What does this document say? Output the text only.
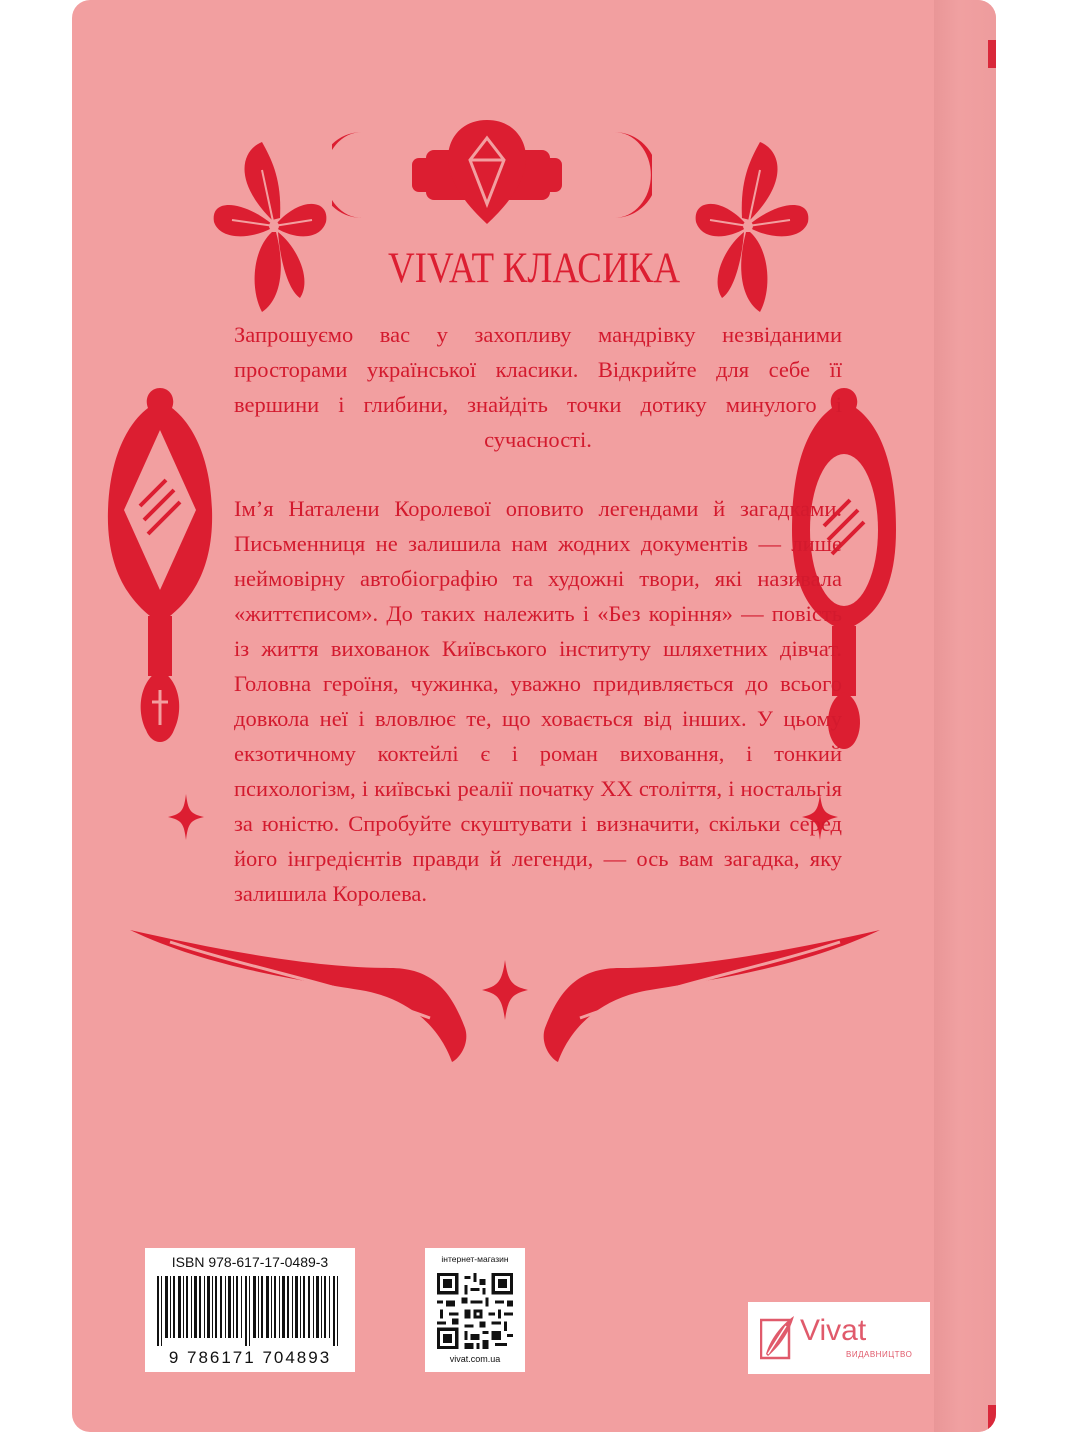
VIVAT КЛАСИКА

Запрошуємо вас у захопливу мандрівку незвіданими просторами української класики. Відкрийте для себе її вершини і глибини, знайдіть точки дотику минулого і сучасності.

Ім’я Наталени Королевої оповито легендами й загадками. Письменниця не залишила нам жодних документів — лише неймовірну автобіографію та художні твори, які називала «життєписом». До таких належить і «Без коріння» — повість із життя вихованок Київського інституту шляхетних дівчат. Головна героїня, чужинка, уважно придивляється до всього довкола неї і вловлює те, що ховається від інших. У цьому екзотичному коктейлі є і роман виховання, і тонкий психологізм, і київські реалії початку XX століття, і ностальгія за юністю. Спробуйте скуштувати і визначити, скільки серед його інгредієнтів правди й легенди, — ось вам загадка, яку залишила Королева.

ISBN 978-617-17-0489-3
9 786171 704893
інтернет-магазин
vivat.com.ua
Vivat
ВИДАВНИЦТВО
